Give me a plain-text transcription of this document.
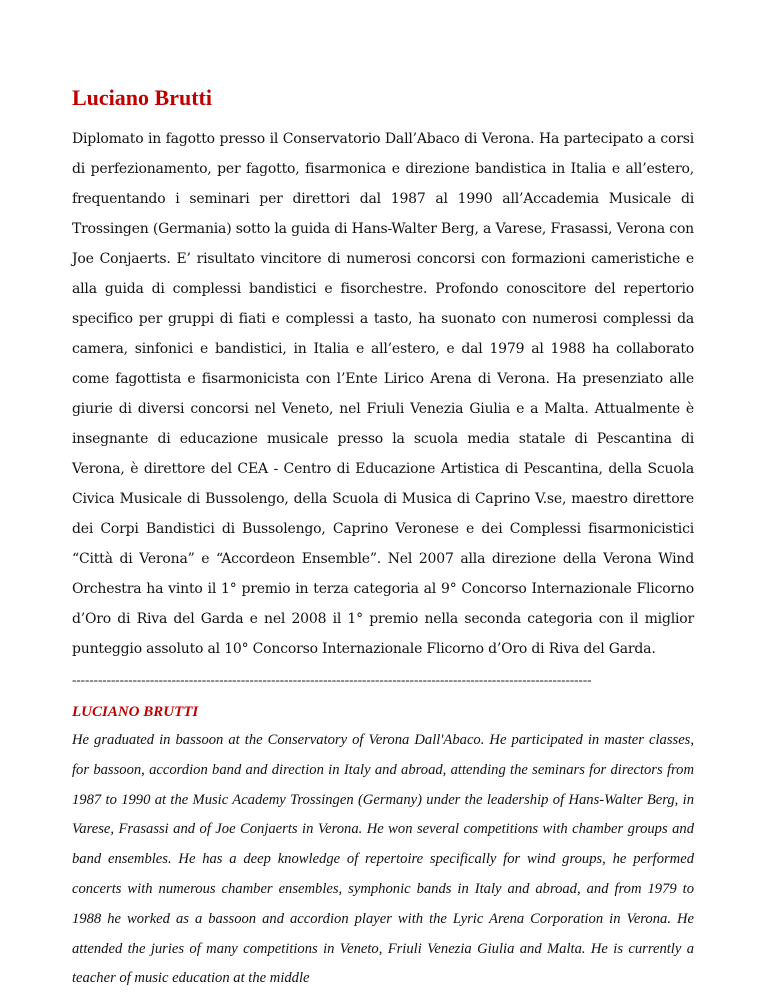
Luciano Brutti

Diplomato in fagotto presso il Conservatorio Dall’Abaco di Verona. Ha partecipato a corsi di perfezionamento, per fagotto, fisarmonica e direzione bandistica in Italia e all’estero, frequentando i seminari per direttori dal 1987 al 1990 all’Accademia Musicale di Trossingen (Germania) sotto la guida di Hans-Walter Berg, a Varese, Frasassi, Verona con Joe Conjaerts. E’ risultato vincitore di numerosi concorsi con formazioni cameristiche e alla guida di complessi bandistici e fisorchestre. Profondo conoscitore del repertorio specifico per gruppi di fiati e complessi a tasto, ha suonato con numerosi complessi da camera, sinfonici e bandistici, in Italia e all’estero, e dal 1979 al 1988 ha collaborato come fagottista e fisarmonicista con l’Ente Lirico Arena di Verona. Ha presenziato alle giurie di diversi concorsi nel Veneto, nel Friuli Venezia Giulia e a Malta. Attualmente è insegnante di educazione musicale presso la scuola media statale di Pescantina di Verona, è direttore del CEA - Centro di Educazione Artistica di Pescantina, della Scuola Civica Musicale di Bussolengo, della Scuola di Musica di Caprino V.se, maestro direttore dei Corpi Bandistici di Bussolengo, Caprino Veronese e dei Complessi fisarmonicistici “Città di Verona” e “Accordeon Ensemble”. Nel 2007 alla direzione della Verona Wind Orchestra ha vinto il 1° premio in terza categoria al 9° Concorso Internazionale Flicorno d’Oro di Riva del Garda e nel 2008 il 1° premio nella seconda categoria con il miglior punteggio assoluto al 10° Concorso Internazionale Flicorno d’Oro di Riva del Garda.

------------------------------------------------------------------------------------------------------------------------
LUCIANO BRUTTI

He graduated in bassoon at the Conservatory of Verona Dall'Abaco. He participated in master classes, for bassoon, accordion band and direction in Italy and abroad, attending the seminars for directors from 1987 to 1990 at the Music Academy Trossingen (Germany) under the leadership of Hans-Walter Berg, in Varese, Frasassi and of Joe Conjaerts in Verona. He won several competitions with chamber groups and band ensembles. He has a deep knowledge of repertoire specifically for wind groups, he performed concerts with numerous chamber ensembles, symphonic bands in Italy and abroad, and from 1979 to 1988 he worked as a bassoon and accordion player with the Lyric Arena Corporation in Verona. He attended the juries of many competitions in Veneto, Friuli Venezia Giulia and Malta. He is currently a teacher of music education at the middle
